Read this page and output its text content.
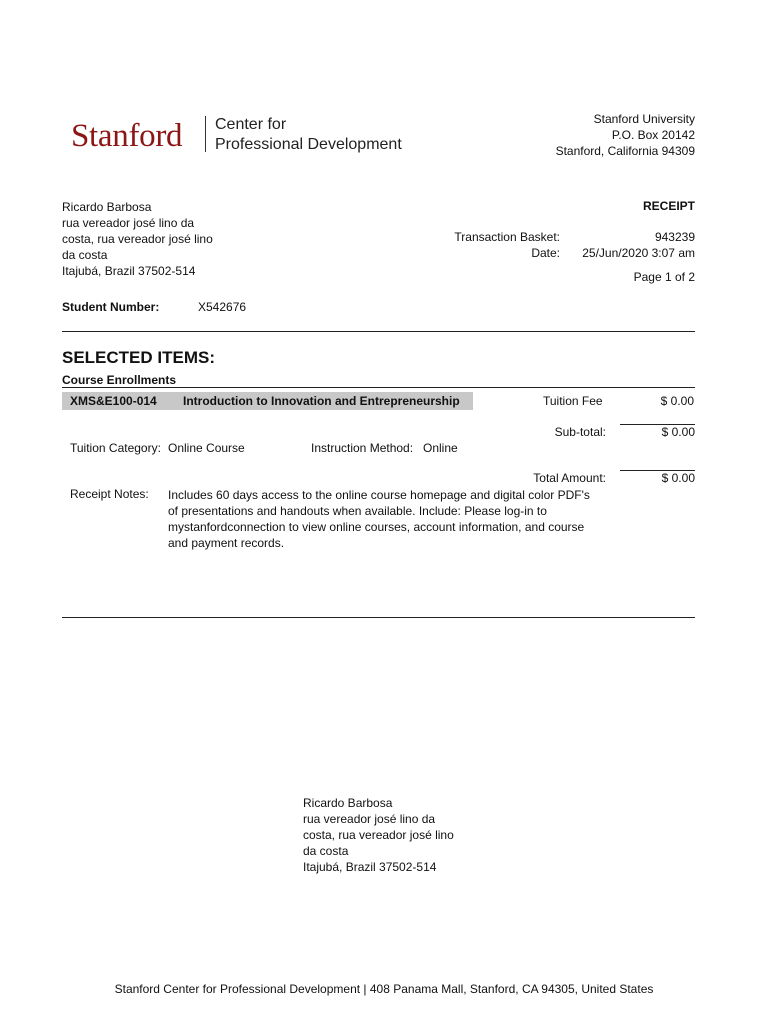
Stanford Center for
Professional Development
Stanford University
P.O. Box 20142
Stanford, California 94309
Ricardo Barbosa
rua vereador josé lino da
costa, rua vereador josé lino
da costa
Itajubá, Brazil 37502-514
RECEIPT
Transaction Basket:	943239
Date: 25/Jun/2020 3:07 am
Page 1 of 2
Student Number:	X542676
SELECTED ITEMS:
Course Enrollments
XMS&E100-014 Introduction to Innovation and Entrepreneurship	Tuition Fee	$ 0.00
Sub-total:	$ 0.00
Tuition Category: Online Course	Instruction Method: Online
Total Amount:	$ 0.00
Receipt Notes: Includes 60 days access to the online course homepage and digital color PDF's
of presentations and handouts when available. Include: Please log-in to
mystanfordconnection to view online courses, account information, and course
and payment records.
Ricardo Barbosa
rua vereador josé lino da
costa, rua vereador josé lino
da costa
Itajubá, Brazil 37502-514
Stanford Center for Professional Development | 408 Panama Mall, Stanford, CA 94305, United States
